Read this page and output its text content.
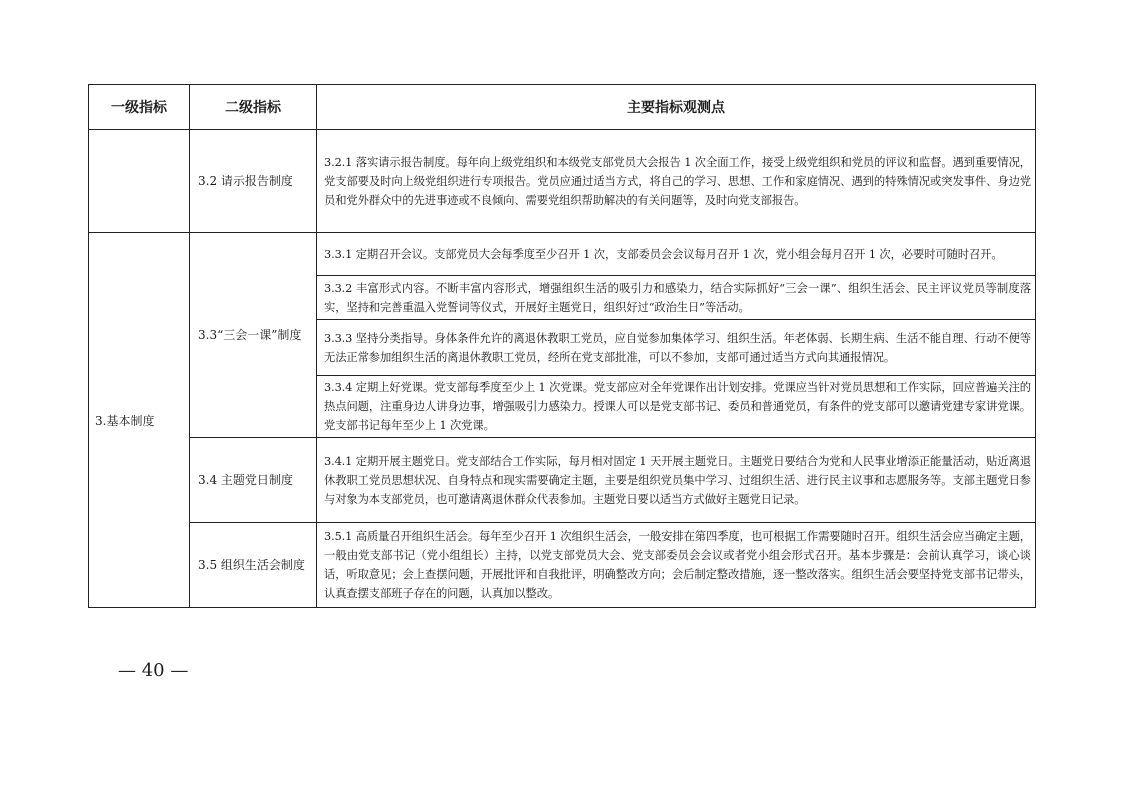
一级指标	二级指标	主要指标观测点
	3.2 请示报告制度	3.2.1 落实请示报告制度。每年向上级党组织和本级党支部党员大会报告 1 次全面工作，接受上级党组织和党员的评议和监督。遇到重要情况，党支部要及时向上级党组织进行专项报告。党员应通过适当方式，将自己的学习、思想、工作和家庭情况、遇到的特殊情况或突发事件、身边党员和党外群众中的先进事迹或不良倾向、需要党组织帮助解决的有关问题等，及时向党支部报告。
3.基本制度	3.3“三会一课”制度	3.3.1 定期召开会议。支部党员大会每季度至少召开 1 次，支部委员会会议每月召开 1 次，党小组会每月召开 1 次，必要时可随时召开。
		3.3.2 丰富形式内容。不断丰富内容形式，增强组织生活的吸引力和感染力，结合实际抓好“三会一课”、组织生活会、民主评议党员等制度落实，坚持和完善重温入党誓词等仪式，开展好主题党日，组织好过“政治生日”等活动。
		3.3.3 坚持分类指导。身体条件允许的离退休教职工党员，应自觉参加集体学习、组织生活。年老体弱、长期生病、生活不能自理、行动不便等无法正常参加组织生活的离退休教职工党员，经所在党支部批准，可以不参加，支部可通过适当方式向其通报情况。
		3.3.4 定期上好党课。党支部每季度至少上 1 次党课。党支部应对全年党课作出计划安排。党课应当针对党员思想和工作实际，回应普遍关注的热点问题，注重身边人讲身边事，增强吸引力感染力。授课人可以是党支部书记、委员和普通党员，有条件的党支部可以邀请党建专家讲党课。党支部书记每年至少上 1 次党课。
	3.4 主题党日制度	3.4.1 定期开展主题党日。党支部结合工作实际，每月相对固定 1 天开展主题党日。主题党日要结合为党和人民事业增添正能量活动，贴近离退休教职工党员思想状况、自身特点和现实需要确定主题，主要是组织党员集中学习、过组织生活、进行民主议事和志愿服务等。支部主题党日参与对象为本支部党员，也可邀请离退休群众代表参加。主题党日要以适当方式做好主题党日记录。
	3.5 组织生活会制度	3.5.1 高质量召开组织生活会。每年至少召开 1 次组织生活会，一般安排在第四季度，也可根据工作需要随时召开。组织生活会应当确定主题，一般由党支部书记（党小组组长）主持，以党支部党员大会、党支部委员会会议或者党小组会形式召开。基本步骤是：会前认真学习，谈心谈话，听取意见；会上查摆问题，开展批评和自我批评，明确整改方向；会后制定整改措施，逐一整改落实。组织生活会要坚持党支部书记带头，认真查摆支部班子存在的问题，认真加以整改。
— 40 —
